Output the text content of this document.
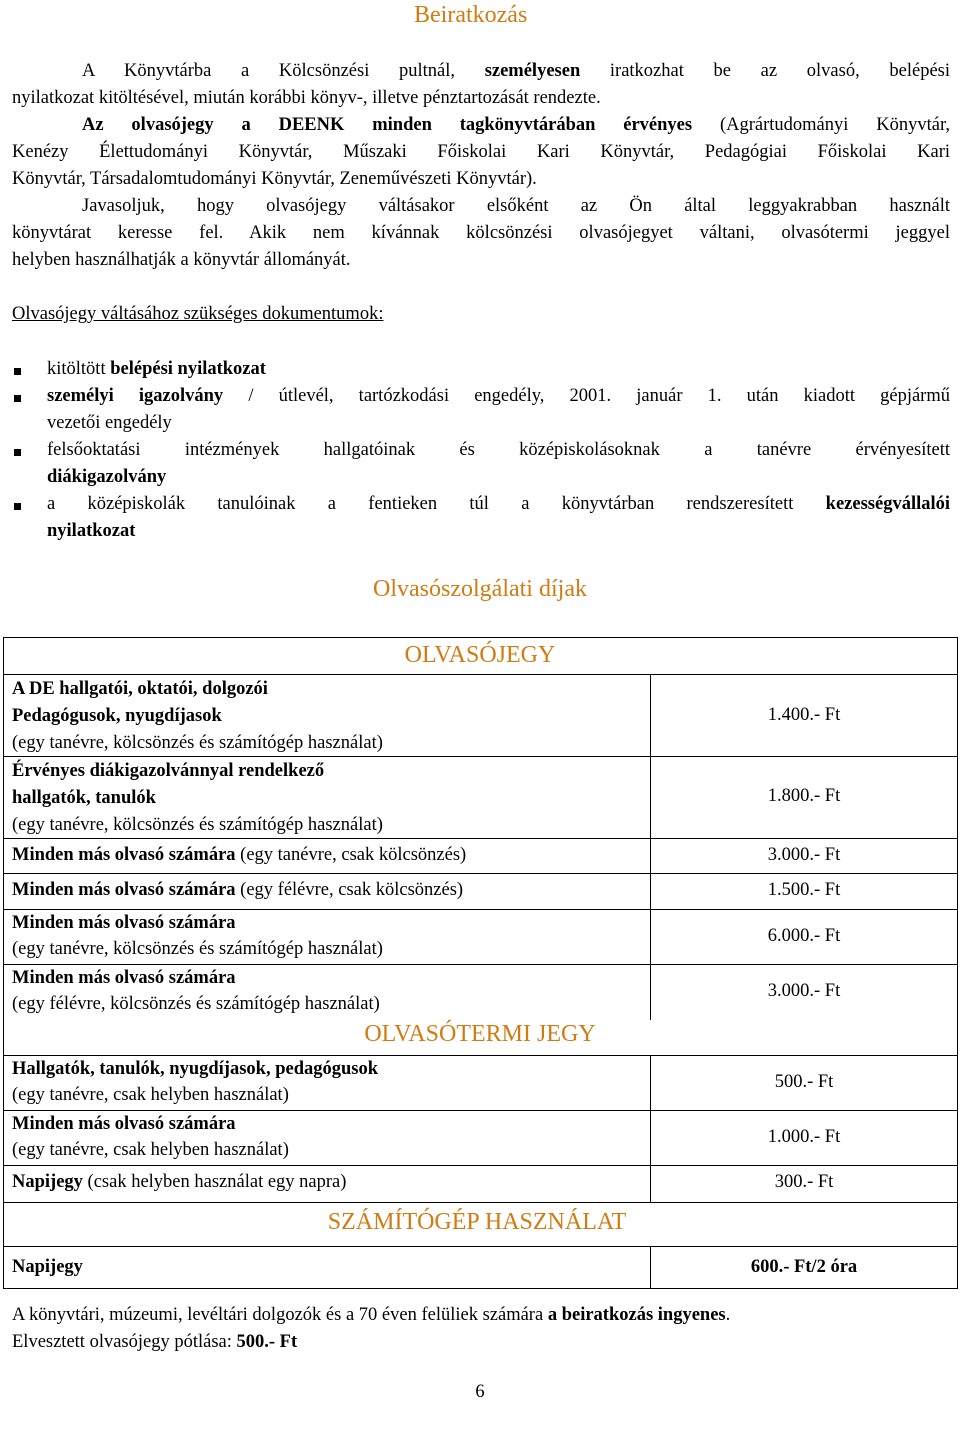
Beiratkozás
A Könyvtárba a Kölcsönzési pultnál, személyesen iratkozhat be az olvasó, belépési
nyilatkozat kitöltésével, miután korábbi könyv-, illetve pénztartozását rendezte.
Az olvasójegy a DEENK minden tagkönyvtárában érvényes (Agrártudományi Könyvtár,
Kenézy Élettudományi Könyvtár, Műszaki Főiskolai Kari Könyvtár, Pedagógiai Főiskolai Kari
Könyvtár, Társadalomtudományi Könyvtár, Zeneművészeti Könyvtár).
Javasoljuk, hogy olvasójegy váltásakor elsőként az Ön által leggyakrabban használt
könyvtárat keresse fel. Akik nem kívánnak kölcsönzési olvasójegyet váltani, olvasótermi jeggyel
helyben használhatják a könyvtár állományát.
Olvasójegy váltásához szükséges dokumentumok:
kitöltött belépési nyilatkozat
személyi igazolvány / útlevél, tartózkodási engedély, 2001. január 1. után kiadott gépjármű
vezetői engedély
felsőoktatási intézmények hallgatóinak és középiskolásoknak a tanévre érvényesített
diákigazolvány
a középiskolák tanulóinak a fentieken túl a könyvtárban rendszeresített kezességvállalói
nyilatkozat
Olvasószolgálati díjak
OLVASÓJEGY
A DE hallgatói, oktatói, dolgozói
Pedagógusok, nyugdíjasok
(egy tanévre, kölcsönzés és számítógép használat)
1.400.- Ft
Érvényes diákigazolvánnyal rendelkező
hallgatók, tanulók
(egy tanévre, kölcsönzés és számítógép használat)
1.800.- Ft
Minden más olvasó számára (egy tanévre, csak kölcsönzés)	3.000.- Ft
Minden más olvasó számára (egy félévre, csak kölcsönzés)	1.500.- Ft
Minden más olvasó számára
(egy tanévre, kölcsönzés és számítógép használat)
6.000.- Ft
Minden más olvasó számára
(egy félévre, kölcsönzés és számítógép használat)
3.000.- Ft
OLVASÓTERMI JEGY
Hallgatók, tanulók, nyugdíjasok, pedagógusok
(egy tanévre, csak helyben használat)
500.- Ft
Minden más olvasó számára
(egy tanévre, csak helyben használat)
1.000.- Ft
Napijegy (csak helyben használat egy napra)	300.- Ft
SZÁMÍTÓGÉP HASZNÁLAT
Napijegy	600.- Ft/2 óra
A könyvtári, múzeumi, levéltári dolgozók és a 70 éven felüliek számára a beiratkozás ingyenes.
Elvesztett olvasójegy pótlása: 500.- Ft
6
